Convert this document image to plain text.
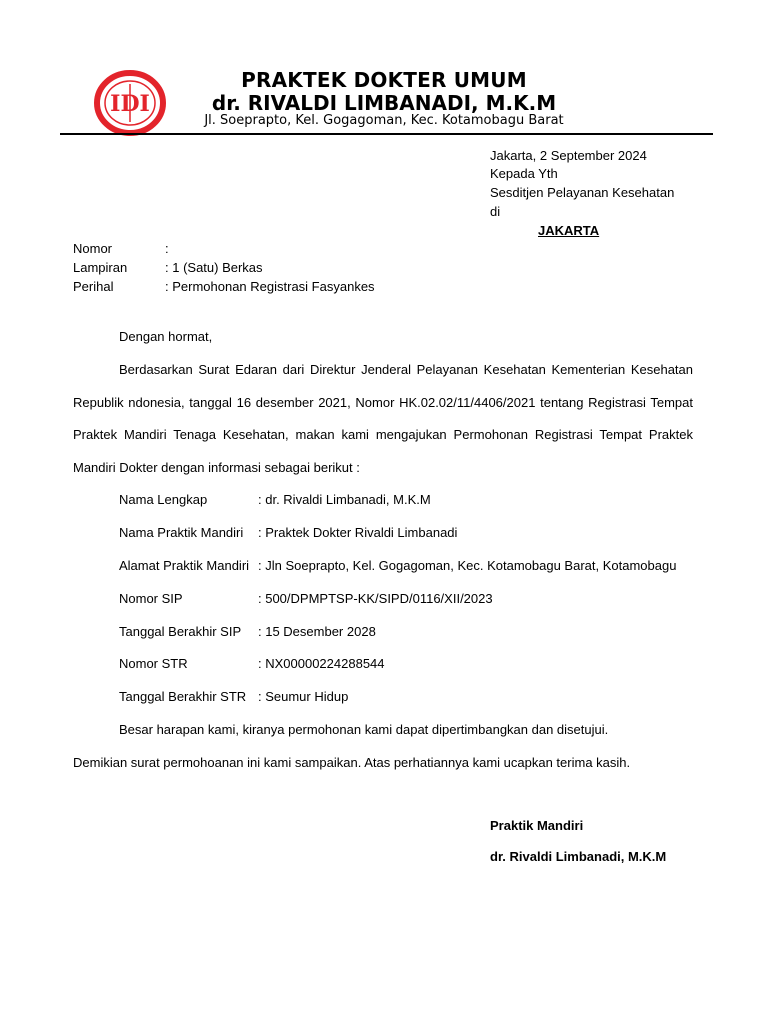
IDI
PRAKTEK DOKTER UMUM
dr. RIVALDI LIMBANADI, M.K.M
Jl. Soeprapto, Kel. Gogagoman, Kec. Kotamobagu Barat
Jakarta, 2 September 2024
Kepada Yth
Sesditjen Pelayanan Kesehatan
di
JAKARTA
Nomor	:
Lampiran	: 1 (Satu) Berkas
Perihal	: Permohonan Registrasi Fasyankes
Dengan hormat,
Berdasarkan Surat Edaran dari Direktur Jenderal Pelayanan Kesehatan Kementerian Kesehatan
Republik ndonesia, tanggal 16 desember 2021, Nomor HK.02.02/11/4406/2021 tentang Registrasi Tempat
Praktek Mandiri Tenaga Kesehatan, makan kami mengajukan Permohonan Registrasi Tempat Praktek
Mandiri Dokter dengan informasi sebagai berikut :
Nama Lengkap	: dr. Rivaldi Limbanadi, M.K.M
Nama Praktik Mandiri : Praktek Dokter Rivaldi Limbanadi
Alamat Praktik Mandiri : Jln Soeprapto, Kel. Gogagoman, Kec. Kotamobagu Barat, Kotamobagu
Nomor SIP	: 500/DPMPTSP-KK/SIPD/0116/XII/2023
Tanggal Berakhir SIP : 15 Desember 2028
Nomor STR	: NX00000224288544
Tanggal Berakhir STR : Seumur Hidup
Besar harapan kami, kiranya permohonan kami dapat dipertimbangkan dan disetujui.
Demikian surat permohoanan ini kami sampaikan. Atas perhatiannya kami ucapkan terima kasih.
Praktik Mandiri
dr. Rivaldi Limbanadi, M.K.M
